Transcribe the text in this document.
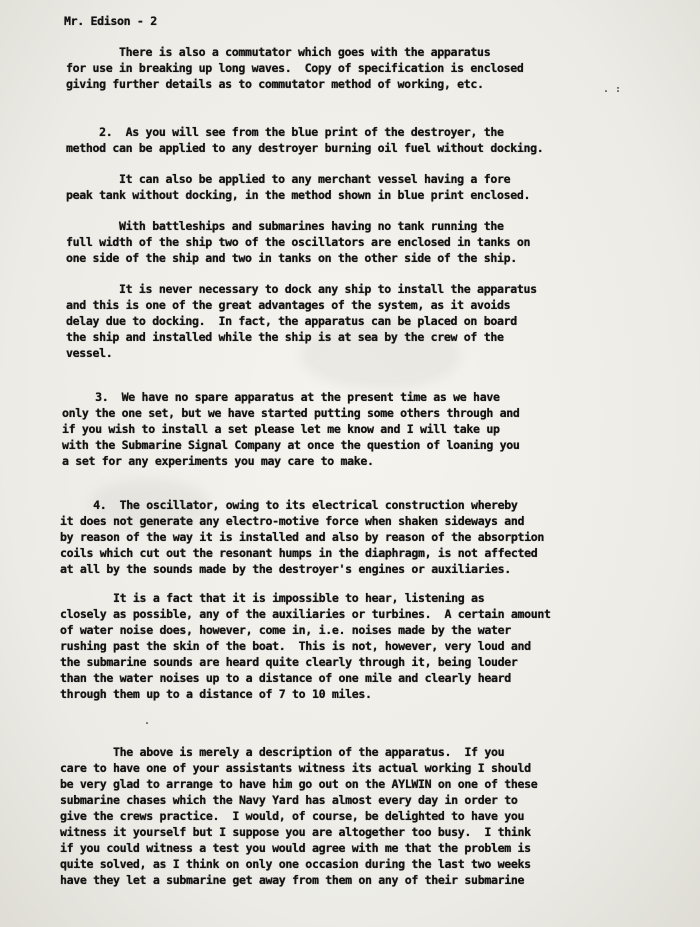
Mr. Edison - 2
There is also a commutator which goes with the apparatus
for use in breaking up long waves.  Copy of specification is enclosed
giving further details as to commutator method of working, etc.	. :
2.  As you will see from the blue print of the destroyer, the
method can be applied to any destroyer burning oil fuel without docking.
It can also be applied to any merchant vessel having a fore
peak tank without docking, in the method shown in blue print enclosed.
With battleships and submarines having no tank running the
full width of the ship two of the oscillators are enclosed in tanks on
one side of the ship and two in tanks on the other side of the ship.
It is never necessary to dock any ship to install the apparatus
and this is one of the great advantages of the system, as it avoids
delay due to docking.  In fact, the apparatus can be placed on board
the ship and installed while the ship is at sea by the crew of the
vessel.
3.  We have no spare apparatus at the present time as we have
only the one set, but we have started putting some others through and
if you wish to install a set please let me know and I will take up
with the Submarine Signal Company at once the question of loaning you
a set for any experiments you may care to make.
4.  The oscillator, owing to its electrical construction whereby
it does not generate any electro-motive force when shaken sideways and
by reason of the way it is installed and also by reason of the absorption
coils which cut out the resonant humps in the diaphragm, is not affected
at all by the sounds made by the destroyer's engines or auxiliaries.
It is a fact that it is impossible to hear, listening as
closely as possible, any of the auxiliaries or turbines.  A certain amount
of water noise does, however, come in, i.e. noises made by the water
rushing past the skin of the boat.  This is not, however, very loud and
the submarine sounds are heard quite clearly through it, being louder
than the water noises up to a distance of one mile and clearly heard
through them up to a distance of 7 to 10 miles.
.
The above is merely a description of the apparatus.  If you
care to have one of your assistants witness its actual working I should
be very glad to arrange to have him go out on the AYLWIN on one of these
submarine chases which the Navy Yard has almost every day in order to
give the crews practice.  I would, of course, be delighted to have you
witness it yourself but I suppose you are altogether too busy.  I think
if you could witness a test you would agree with me that the problem is
quite solved, as I think on only one occasion during the last two weeks
have they let a submarine get away from them on any of their submarine
